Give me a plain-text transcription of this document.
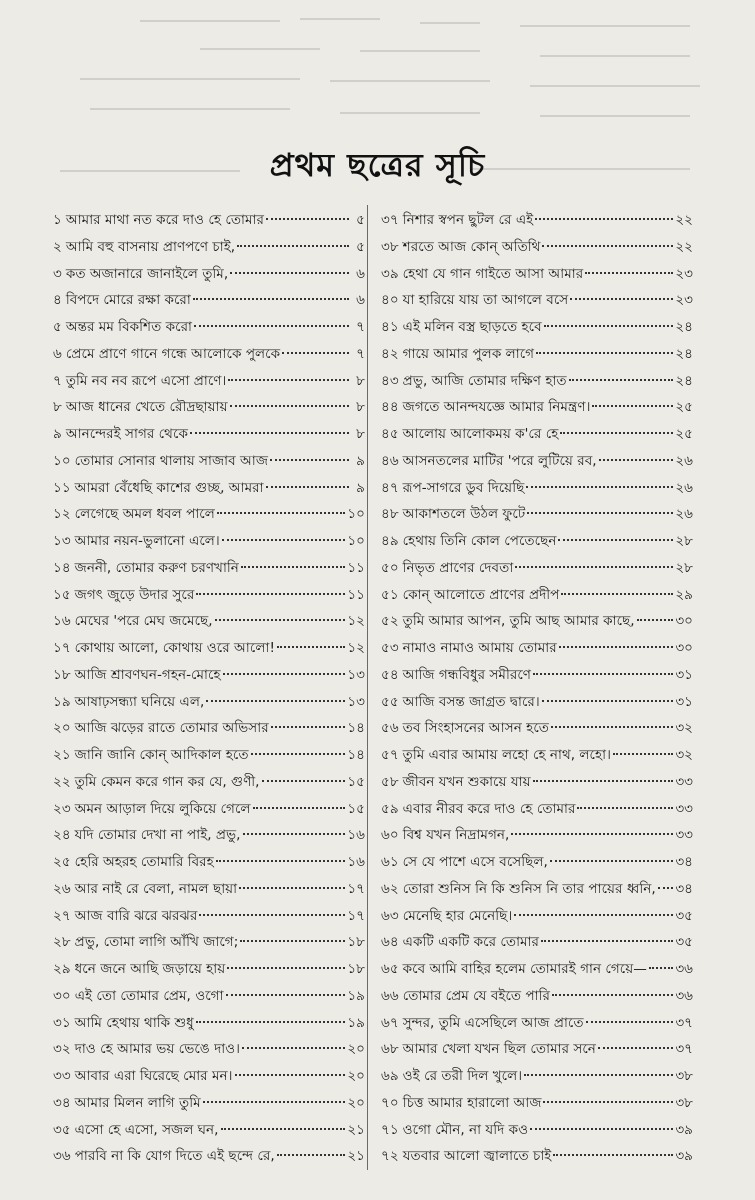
প্রথম ছত্রের সূচি
১ আমার মাথা নত করে দাও হে তোমার	৫
২ আমি বহু বাসনায় প্রাণপণে চাই,	৫
৩ কত অজানারে জানাইলে তুমি,	৬
৪ বিপদে মোরে রক্ষা করো	৬
৫ অন্তর মম বিকশিত করো	৭
৬ প্রেমে প্রাণে গানে গন্ধে আলোকে পুলকে	৭
৭ তুমি নব নব রূপে এসো প্রাণে।	৮
৮ আজ ধানের খেতে রৌদ্রছায়ায়	৮
৯ আনন্দেরই সাগর থেকে	৮
১০ তোমার সোনার থালায় সাজাব আজ	৯
১১ আমরা বেঁধেছি কাশের গুচ্ছ, আমরা	৯
১২ লেগেছে অমল ধবল পালে	১০
১৩ আমার নয়ন-ভুলানো এলে।	১০
১৪ জননী, তোমার করুণ চরণখানি	১১
১৫ জগৎ জুড়ে উদার সুরে	১১
১৬ মেঘের 'পরে মেঘ জমেছে,	১২
১৭ কোথায় আলো, কোথায় ওরে আলো!	১২
১৮ আজি শ্রাবণঘন-গহন-মোহে	১৩
১৯ আষাঢ়সন্ধ্যা ঘনিয়ে এল,	১৩
২০ আজি ঝড়ের রাতে তোমার অভিসার	১৪
২১ জানি জানি কোন্ আদিকাল হতে	১৪
২২ তুমি কেমন করে গান কর যে, গুণী,	১৫
২৩ অমন আড়াল দিয়ে লুকিয়ে গেলে	১৫
২৪ যদি তোমার দেখা না পাই, প্রভু,	১৬
২৫ হেরি অহরহ তোমারি বিরহ	১৬
২৬ আর নাই রে বেলা, নামল ছায়া	১৭
২৭ আজ বারি ঝরে ঝরঝর	১৭
২৮ প্রভু, তোমা লাগি আঁখি জাগে;	১৮
২৯ ধনে জনে আছি জড়ায়ে হায়	১৮
৩০ এই তো তোমার প্রেম, ওগো	১৯
৩১ আমি হেথায় থাকি শুধু	১৯
৩২ দাও হে আমার ভয় ভেঙে দাও।	২০
৩৩ আবার এরা ঘিরেছে মোর মন।	২০
৩৪ আমার মিলন লাগি তুমি	২০
৩৫ এসো হে এসো, সজল ঘন,	২১
৩৬ পারবি না কি যোগ দিতে এই ছন্দে রে,	২১
৩৭ নিশার স্বপন ছুটল রে এই	২২
৩৮ শরতে আজ কোন্ অতিথি	২২
৩৯ হেথা যে গান গাইতে আসা আমার	২৩
৪০ যা হারিয়ে যায় তা আগলে বসে	২৩
৪১ এই মলিন বস্ত্র ছাড়তে হবে	২৪
৪২ গায়ে আমার পুলক লাগে	২৪
৪৩ প্রভু, আজি তোমার দক্ষিণ হাত	২৪
৪৪ জগতে আনন্দযজ্ঞে আমার নিমন্ত্রণ।	২৫
৪৫ আলোয় আলোকময় ক'রে হে	২৫
৪৬ আসনতলের মাটির 'পরে লুটিয়ে রব,	২৬
৪৭ রূপ-সাগরে ডুব দিয়েছি	২৬
৪৮ আকাশতলে উঠল ফুটে	২৬
৪৯ হেথায় তিনি কোল পেতেছেন	২৮
৫০ নিভৃত প্রাণের দেবতা	২৮
৫১ কোন্ আলোতে প্রাণের প্রদীপ	২৯
৫২ তুমি আমার আপন, তুমি আছ আমার কাছে,	৩০
৫৩ নামাও নামাও আমায় তোমার	৩০
৫৪ আজি গন্ধবিধুর সমীরণে	৩১
৫৫ আজি বসন্ত জাগ্রত দ্বারে।	৩১
৫৬ তব সিংহাসনের আসন হতে	৩২
৫৭ তুমি এবার আমায় লহো হে নাথ, লহো।	৩২
৫৮ জীবন যখন শুকায়ে যায়	৩৩
৫৯ এবার নীরব করে দাও হে তোমার	৩৩
৬০ বিশ্ব যখন নিদ্রামগন,	৩৩
৬১ সে যে পাশে এসে বসেছিল,	৩৪
৬২ তোরা শুনিস নি কি শুনিস নি তার পায়ের ধ্বনি, ৩৪
৬৩ মেনেছি হার মেনেছি।	৩৫
৬৪ একটি একটি করে তোমার	৩৫
৬৫ কবে আমি বাহির হলেম তোমারই গান গেয়ে— ৩৬
৬৬ তোমার প্রেম যে বইতে পারি	৩৬
৬৭ সুন্দর, তুমি এসেছিলে আজ প্রাতে	৩৭
৬৮ আমার খেলা যখন ছিল তোমার সনে	৩৭
৬৯ ওই রে তরী দিল খুলে।	৩৮
৭০ চিত্ত আমার হারালো আজ	৩৮
৭১ ওগো মৌন, না যদি কও	৩৯
৭২ যতবার আলো জ্বালাতে চাই	৩৯
